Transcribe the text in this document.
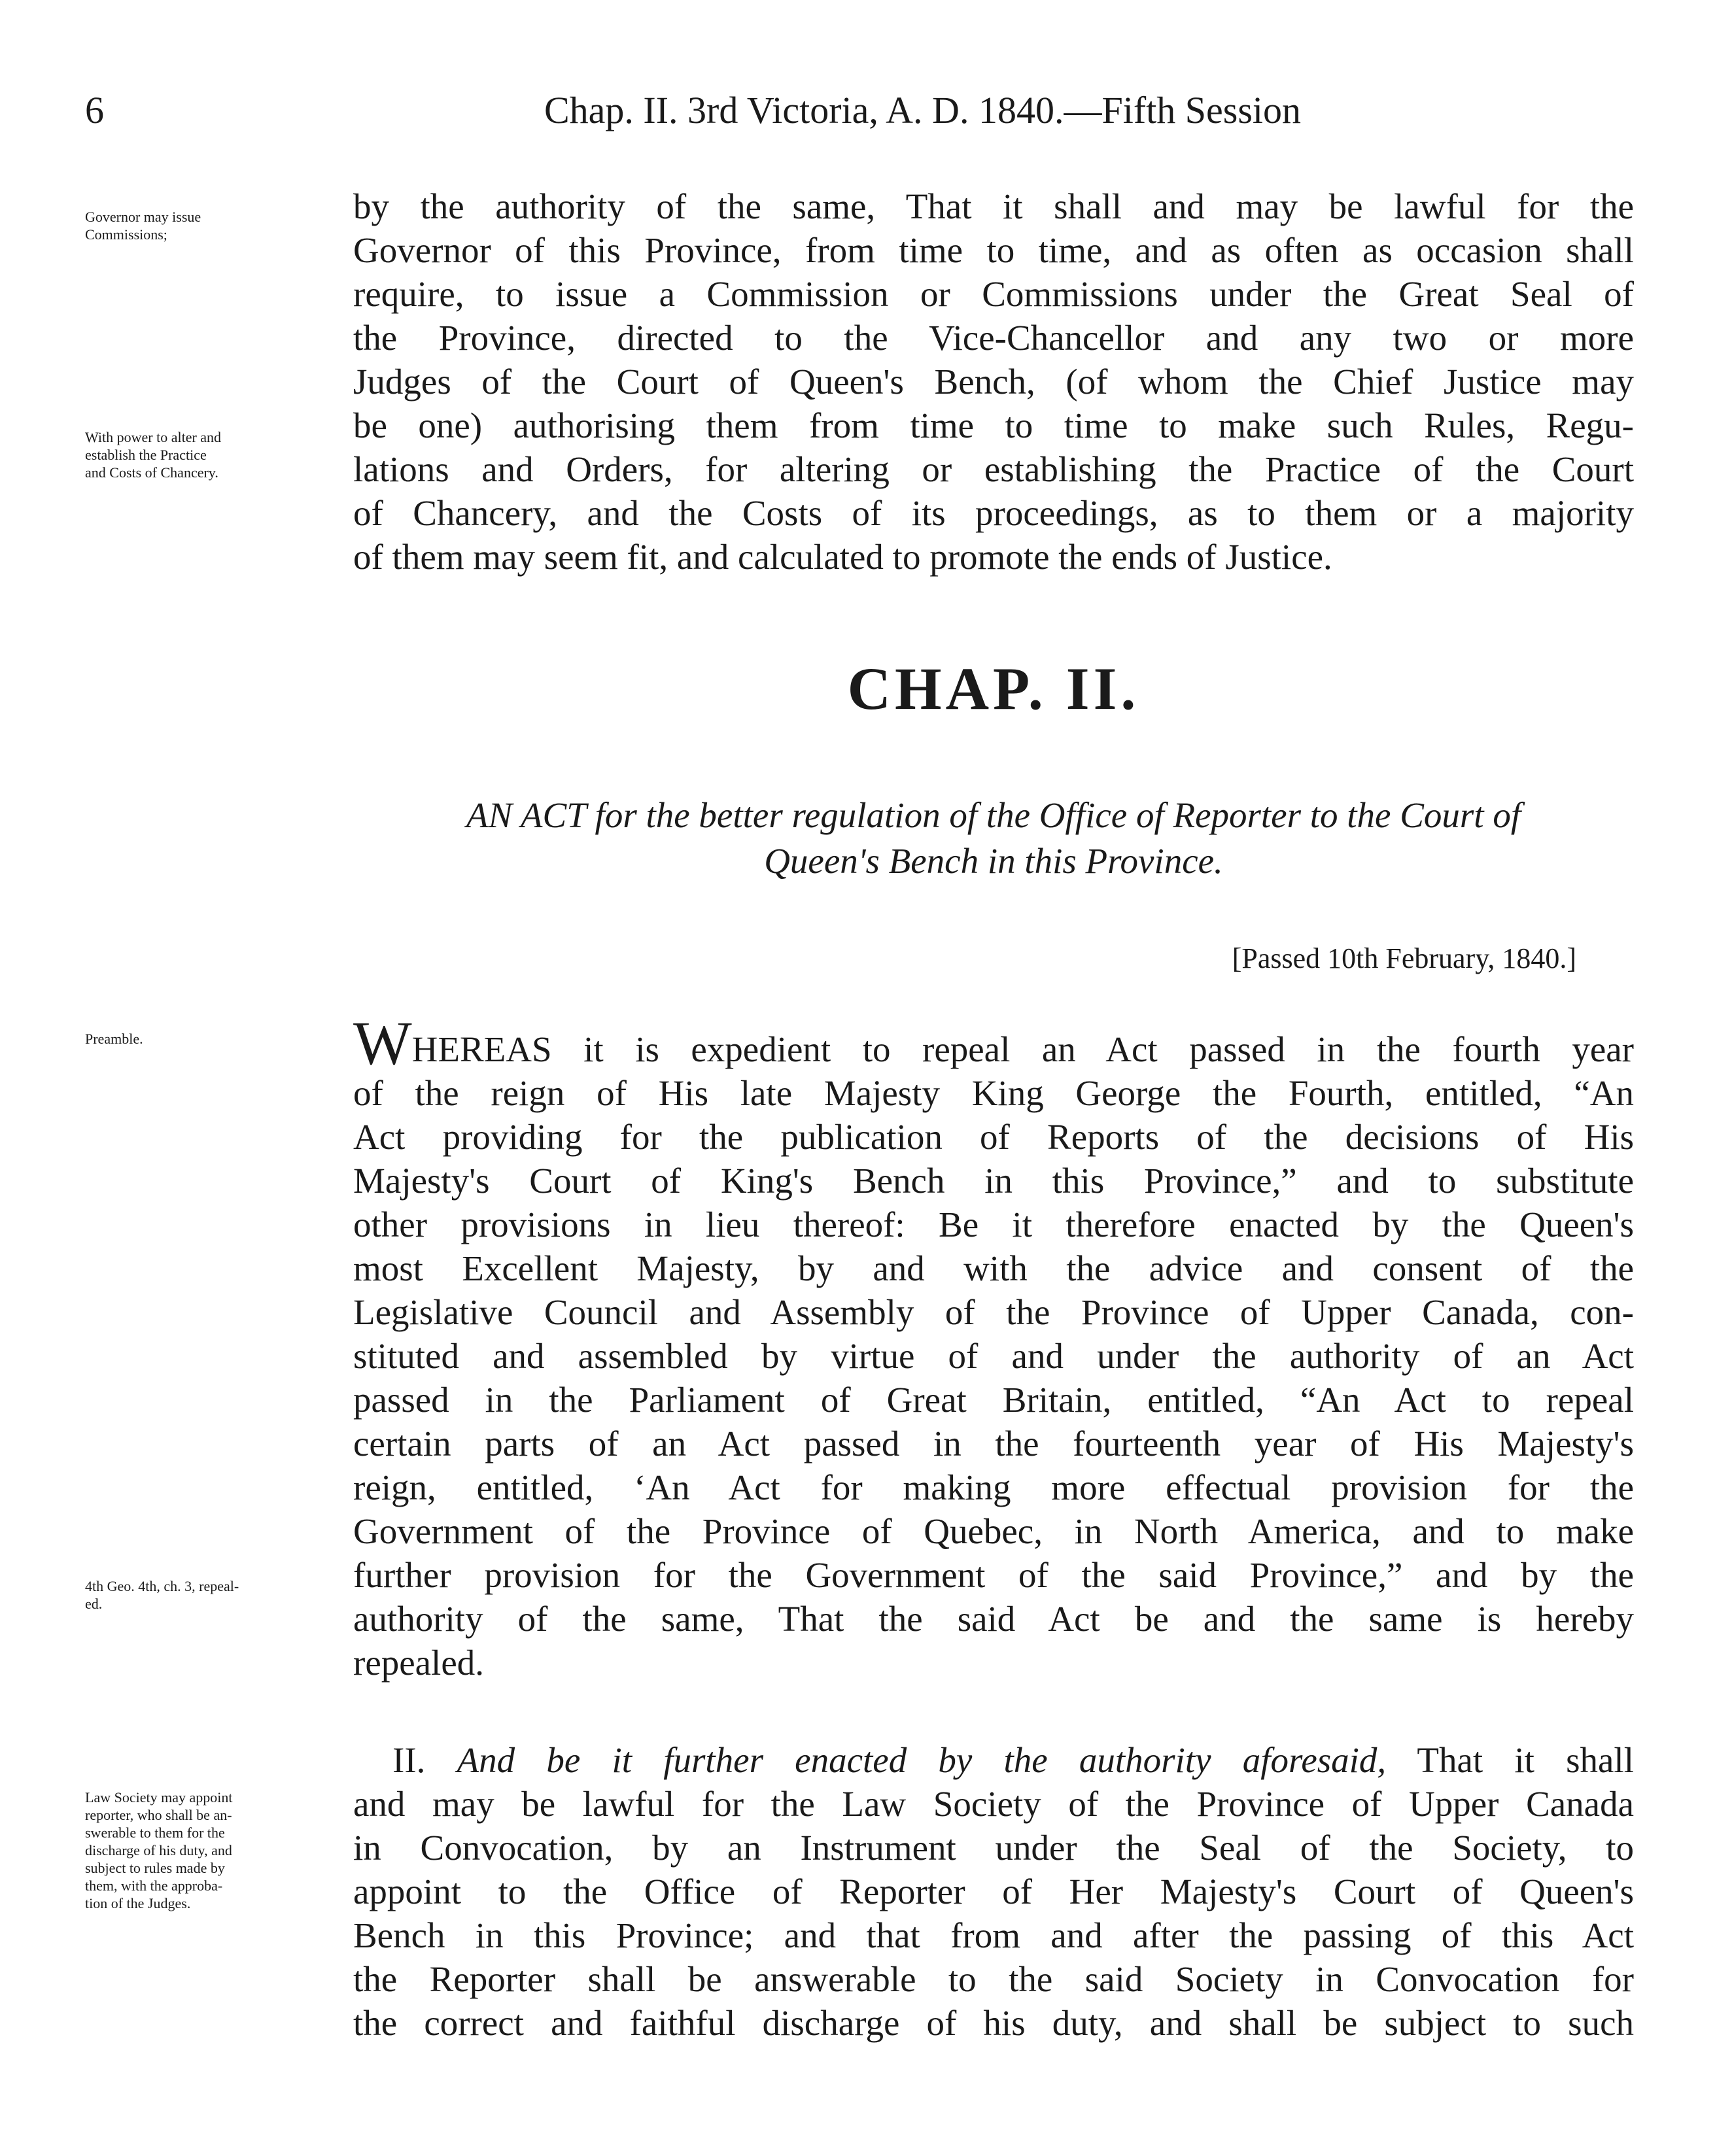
6	Chap. II. 3rd Victoria, A. D. 1840.—Fifth Session
Governor may issue
Commissions;
With power to alter and
establish the Practice
and Costs of Chancery.
Preamble.
4th Geo. 4th, ch. 3, repeal-
ed.
Law Society may appoint
reporter, who shall be an-
swerable to them for the
discharge of his duty, and
subject to rules made by
them, with the approba-
tion of the Judges.
by the authority of the same, That it shall and may be lawful for the
Governor of this Province, from time to time, and as often as occasion shall
require, to issue a Commission or Commissions under the Great Seal of
the Province, directed to the Vice-Chancellor and any two or more
Judges of the Court of Queen's Bench, (of whom the Chief Justice may
be one) authorising them from time to time to make such Rules, Regu-
lations and Orders, for altering or establishing the Practice of the Court
of Chancery, and the Costs of its proceedings, as to them or a majority
of them may seem fit, and calculated to promote the ends of Justice.
CHAP. II.
AN ACT for the better regulation of the Office of Reporter to the Court of
Queen's Bench in this Province.
[Passed 10th February, 1840.]
WHEREAS it is expedient to repeal an Act passed in the fourth year
of the reign of His late Majesty King George the Fourth, entitled, “An
Act providing for the publication of Reports of the decisions of His
Majesty's Court of King's Bench in this Province,” and to substitute
other provisions in lieu thereof: Be it therefore enacted by the Queen's
most Excellent Majesty, by and with the advice and consent of the
Legislative Council and Assembly of the Province of Upper Canada, con-
stituted and assembled by virtue of and under the authority of an Act
passed in the Parliament of Great Britain, entitled, “An Act to repeal
certain parts of an Act passed in the fourteenth year of His Majesty's
reign, entitled, ‘An Act for making more effectual provision for the
Government of the Province of Quebec, in North America, and to make
further provision for the Government of the said Province,” and by the
authority of the same, That the said Act be and the same is hereby
repealed.
II. And be it further enacted by the authority aforesaid, That it shall
and may be lawful for the Law Society of the Province of Upper Canada
in Convocation, by an Instrument under the Seal of the Society, to
appoint to the Office of Reporter of Her Majesty's Court of Queen's
Bench in this Province; and that from and after the passing of this Act
the Reporter shall be answerable to the said Society in Convocation for
the correct and faithful discharge of his duty, and shall be subject to such
